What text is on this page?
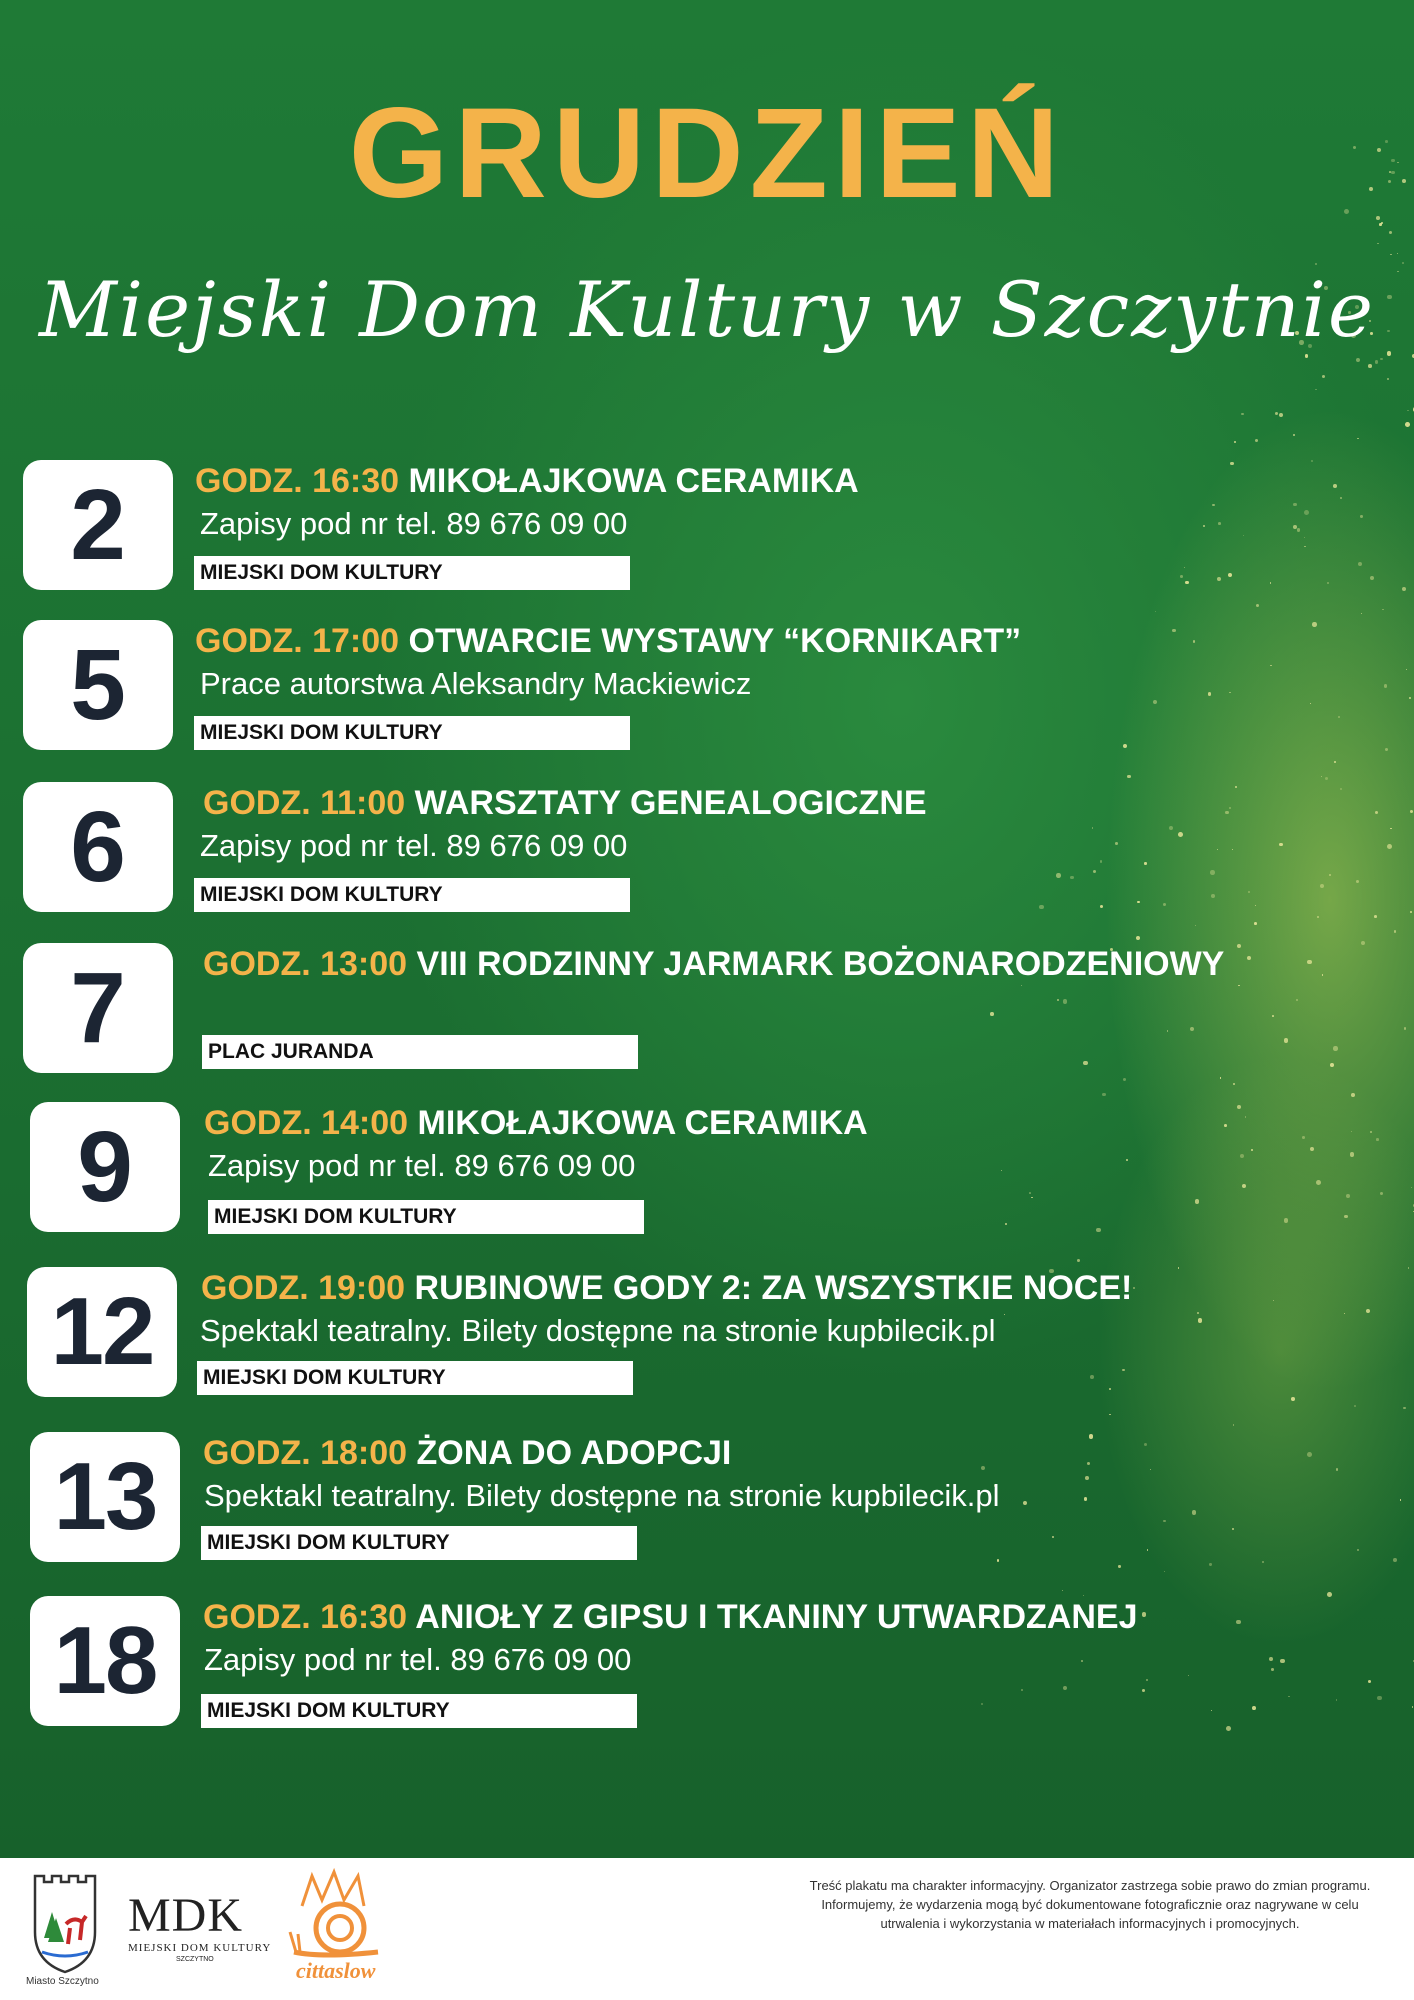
GRUDZIEŃ
Miejski Dom Kultury w Szczytnie
2	GODZ. 16:30 MIKOŁAJKOWA CERAMIKA
Zapisy pod nr tel. 89 676 09 00
MIEJSKI DOM KULTURY
5	GODZ. 17:00 OTWARCIE WYSTAWY “KORNIKART”
Prace autorstwa Aleksandry Mackiewicz
MIEJSKI DOM KULTURY
6	GODZ. 11:00 WARSZTATY GENEALOGICZNE
Zapisy pod nr tel. 89 676 09 00
MIEJSKI DOM KULTURY
7	GODZ. 13:00 VIII RODZINNY JARMARK BOŻONARODZENIOWY
PLAC JURANDA
9	GODZ. 14:00 MIKOŁAJKOWA CERAMIKA
Zapisy pod nr tel. 89 676 09 00
MIEJSKI DOM KULTURY
12	GODZ. 19:00 RUBINOWE GODY 2: ZA WSZYSTKIE NOCE!
Spektakl teatralny. Bilety dostępne na stronie kupbilecik.pl
MIEJSKI DOM KULTURY
13	GODZ. 18:00 ŻONA DO ADOPCJI
Spektakl teatralny. Bilety dostępne na stronie kupbilecik.pl
MIEJSKI DOM KULTURY
18	GODZ. 16:30 ANIOŁY Z GIPSU I TKANINY UTWARDZANEJ
Zapisy pod nr tel. 89 676 09 00
MIEJSKI DOM KULTURY
Miasto Szczytno
MDK
MIEJSKI DOM KULTURY
SZCZYTNO	cittaslow
Treść plakatu ma charakter informacyjny. Organizator zastrzega sobie prawo do zmian programu. Informujemy, że wydarzenia mogą być dokumentowane fotograficznie oraz nagrywane w celu utrwalenia i wykorzystania w materiałach informacyjnych i promocyjnych.
